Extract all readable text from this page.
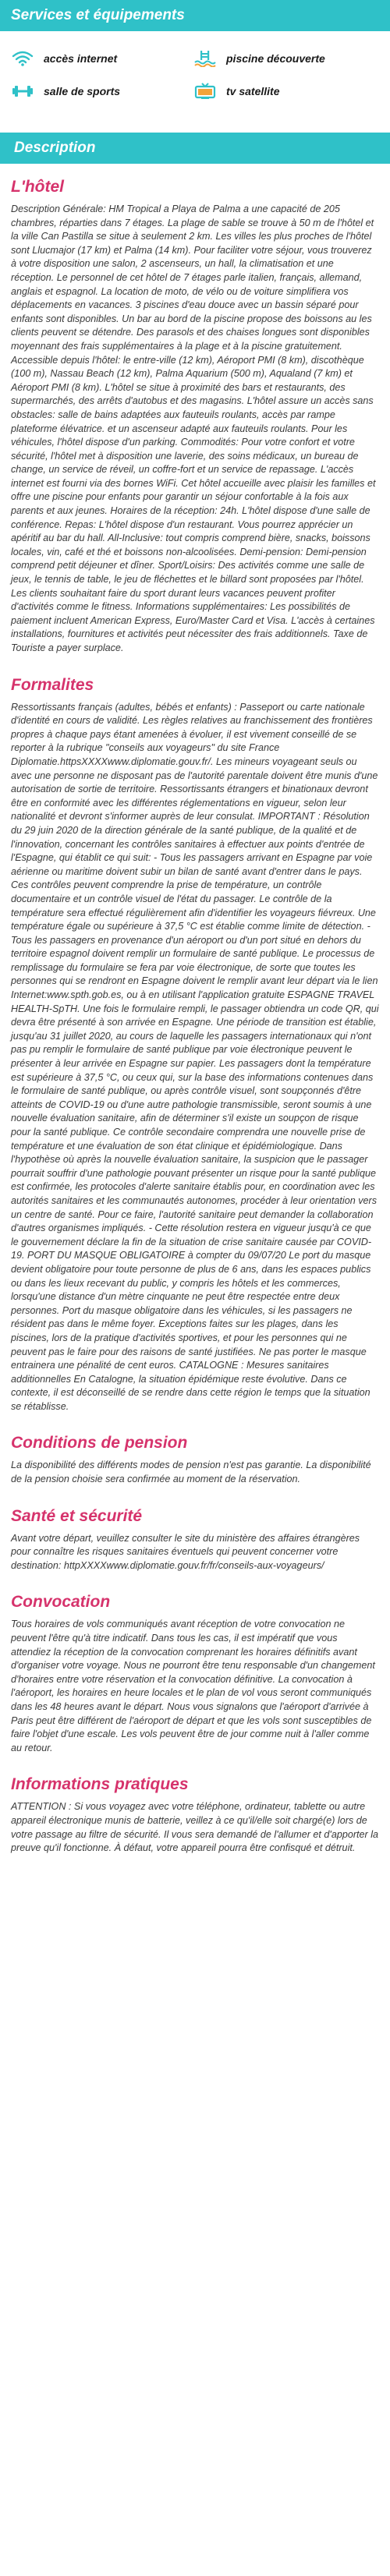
Services et équipements
accès internet	piscine découverte
salle de sports	tv satellite
Description
L'hôtel

Description Générale: HM Tropical a Playa de Palma a une capacité de 205 chambres, réparties dans 7 étages. La plage de sable se trouve à 50 m de l'hôtel et la ville Can Pastilla se situe à seulement 2 km. Les villes les plus proches de l'hôtel sont Llucmajor (17 km) et Palma (14 km). Pour faciliter votre séjour, vous trouverez à votre disposition une salon, 2 ascenseurs, un hall, la climatisation et une réception. Le personnel de cet hôtel de 7 étages parle italien, français, allemand, anglais et espagnol. La location de moto, de vélo ou de voiture simplifiera vos déplacements en vacances. 3 piscines d'eau douce avec un bassin séparé pour enfants sont disponibles. Un bar au bord de la piscine propose des boissons au les clients peuvent se détendre. Des parasols et des chaises longues sont disponibles moyennant des frais supplémentaires à la plage et à la piscine gratuitement. Accessible depuis l'hôtel: le entre-ville (12 km), Aéroport PMI (8 km), discothèque (100 m), Nassau Beach (12 km), Palma Aquarium (500 m), Aqualand (7 km) et Aéroport PMI (8 km). L'hôtel se situe à proximité des bars et restaurants, des supermarchés, des arrêts d'autobus et des magasins. L'hôtel assure un accès sans obstacles: salle de bains adaptées aux fauteuils roulants, accès par rampe plateforme élévatrice. et un ascenseur adapté aux fauteuils roulants. Pour les véhicules, l'hôtel dispose d'un parking. Commodités: Pour votre confort et votre sécurité, l'hôtel met à disposition une laverie, des soins médicaux, un bureau de change, un service de réveil, un coffre-fort et un service de repassage. L'accès internet est fourni via des bornes WiFi. Cet hôtel accueille avec plaisir les familles et offre une piscine pour enfants pour garantir un séjour confortable à la fois aux parents et aux jeunes. Horaires de la réception: 24h. L'hôtel dispose d'une salle de conférence. Repas: L'hôtel dispose d'un restaurant. Vous pourrez apprécier un apéritif au bar du hall. All-Inclusive: tout compris comprend bière, snacks, boissons locales, vin, café et thé et boissons non-alcoolisées. Demi-pension: Demi-pension comprend petit déjeuner et dîner. Sport/Loisirs: Des activités comme une salle de jeux, le tennis de table, le jeu de fléchettes et le billard sont proposées par l'hôtel. Les clients souhaitant faire du sport durant leurs vacances peuvent profiter d'activités comme le fitness. Informations supplémentaires: Les possibilités de paiement incluent American Express, Euro/Master Card et Visa. L'accès à certaines installations, fournitures et activités peut nécessiter des frais additionnels. Taxe de Touriste a payer surplace.

Formalites

Ressortissants français (adultes, bébés et enfants) : Passeport ou carte nationale d'identité en cours de validité. Les règles relatives au franchissement des frontières propres à chaque pays étant amenées à évoluer, il est vivement conseillé de se reporter à la rubrique "conseils aux voyageurs" du site France Diplomatie.httpsXXXXwww.diplomatie.gouv.fr/. Les mineurs voyageant seuls ou avec une personne ne disposant pas de l'autorité parentale doivent être munis d'une autorisation de sortie de territoire. Ressortissants étrangers et binationaux devront être en conformité avec les différentes réglementations en vigueur, selon leur nationalité et devront s'informer auprès de leur consulat. IMPORTANT : Résolution du 29 juin 2020 de la direction générale de la santé publique, de la qualité et de l'innovation, concernant les contrôles sanitaires à effectuer aux points d'entrée de l'Espagne, qui établit ce qui suit: - Tous les passagers arrivant en Espagne par voie aérienne ou maritime doivent subir un bilan de santé avant d'entrer dans le pays. Ces contrôles peuvent comprendre la prise de température, un contrôle documentaire et un contrôle visuel de l'état du passager. Le contrôle de la température sera effectué régulièrement afin d'identifier les voyageurs fiévreux. Une température égale ou supérieure à 37,5 °C est établie comme limite de détection. - Tous les passagers en provenance d'un aéroport ou d'un port situé en dehors du territoire espagnol doivent remplir un formulaire de santé publique. Le processus de remplissage du formulaire se fera par voie électronique, de sorte que toutes les personnes qui se rendront en Espagne doivent le remplir avant leur départ via le lien Internet:www.spth.gob.es, ou à en utilisant l'application gratuite ESPAGNE TRAVEL HEALTH-SpTH. Une fois le formulaire rempli, le passager obtiendra un code QR, qui devra être présenté à son arrivée en Espagne. Une période de transition est établie, jusqu'au 31 juillet 2020, au cours de laquelle les passagers internationaux qui n'ont pas pu remplir le formulaire de santé publique par voie électronique peuvent le présenter à leur arrivée en Espagne sur papier. Les passagers dont la température est supérieure à 37,5 °C, ou ceux qui, sur la base des informations contenues dans le formulaire de santé publique, ou après contrôle visuel, sont soupçonnés d'être atteints de COVID-19 ou d'une autre pathologie transmissible, seront soumis à une nouvelle évaluation sanitaire, afin de déterminer s'il existe un soupçon de risque pour la santé publique. Ce contrôle secondaire comprendra une nouvelle prise de température et une évaluation de son état clinique et épidémiologique. Dans l'hypothèse où après la nouvelle évaluation sanitaire, la suspicion que le passager pourrait souffrir d'une pathologie pouvant présenter un risque pour la santé publique est confirmée, les protocoles d'alerte sanitaire établis pour, en coordination avec les autorités sanitaires et les communautés autonomes, procéder à leur orientation vers un centre de santé. Pour ce faire, l'autorité sanitaire peut demander la collaboration d'autres organismes impliqués. - Cette résolution restera en vigueur jusqu'à ce que le gouvernement déclare la fin de la situation de crise sanitaire causée par COVID-19. PORT DU MASQUE OBLIGATOIRE à compter du 09/07/20 Le port du masque devient obligatoire pour toute personne de plus de 6 ans, dans les espaces publics ou dans les lieux recevant du public, y compris les hôtels et les commerces, lorsqu'une distance d'un mètre cinquante ne peut être respectée entre deux personnes. Port du masque obligatoire dans les véhicules, si les passagers ne résident pas dans le même foyer. Exceptions faites sur les plages, dans les piscines, lors de la pratique d'activités sportives, et pour les personnes qui ne peuvent pas le faire pour des raisons de santé justifiées. Ne pas porter le masque entrainera une pénalité de cent euros. CATALOGNE : Mesures sanitaires additionnelles En Catalogne, la situation épidémique reste évolutive. Dans ce contexte, il est déconseillé de se rendre dans cette région le temps que la situation se rétablisse.

Conditions de pension

La disponibilité des différents modes de pension n'est pas garantie. La disponibilité de la pension choisie sera confirmée au moment de la réservation.

Santé et sécurité

Avant votre départ, veuillez consulter le site du ministère des affaires étrangères pour connaître les risques sanitaires éventuels qui peuvent concerner votre destination: httpXXXXwww.diplomatie.gouv.fr/fr/conseils-aux-voyageurs/

Convocation

Tous horaires de vols communiqués avant réception de votre convocation ne peuvent l'être qu'à titre indicatif. Dans tous les cas, il est impératif que vous attendiez la réception de la convocation comprenant les horaires définitifs avant d'organiser votre voyage. Nous ne pourront être tenu responsable d'un changement d'horaires entre votre réservation et la convocation définitive. La convocation à l'aéroport, les horaires en heure locales et le plan de vol vous seront communiqués dans les 48 heures avant le départ. Nous vous signalons que l'aéroport d'arrivée à Paris peut être différent de l'aéroport de départ et que les vols sont susceptibles de faire l'objet d'une escale. Les vols peuvent être de jour comme nuit à l'aller comme au retour.

Informations pratiques

ATTENTION : Si vous voyagez avec votre téléphone, ordinateur, tablette ou autre appareil électronique munis de batterie, veillez à ce qu'il/elle soit chargé(e) lors de votre passage au filtre de sécurité. Il vous sera demandé de l'allumer et d'apporter la preuve qu'il fonctionne. À défaut, votre appareil pourra être confisqué et détruit.
